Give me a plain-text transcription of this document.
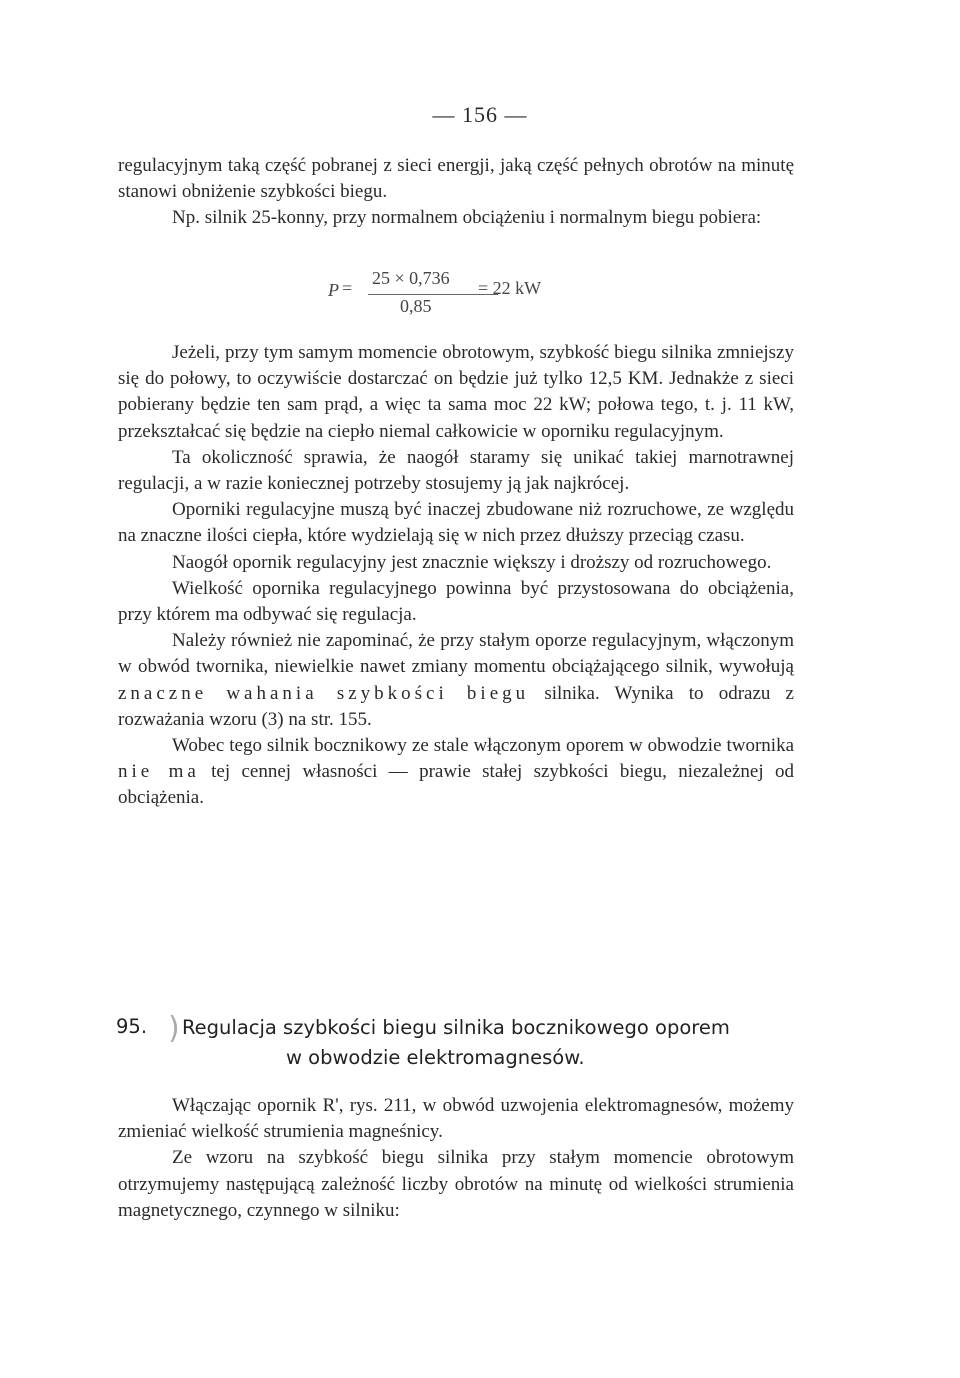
— 156 —

regulacyjnym taką część pobranej z sieci energji, jaką część pełnych obrotów na minutę stanowi obniżenie szybkości biegu.

Np. silnik 25-konny, przy normalnem obciążeniu i normalnym biegu pobiera:

P = 25 × 0,736
0,85
= 22 kW

Jeżeli, przy tym samym momencie obrotowym, szybkość biegu silnika zmniejszy się do połowy, to oczywiście dostarczać on będzie już tylko 12,5 KM. Jednakże z sieci pobierany będzie ten sam prąd, a więc ta sama moc 22 kW; połowa tego, t. j. 11 kW, przekształcać się będzie na ciepło niemal całkowicie w oporniku regulacyjnym.

Ta okoliczność sprawia, że naogół staramy się unikać takiej marnotrawnej regulacji, a w razie koniecznej potrzeby stosujemy ją jak najkrócej.

Oporniki regulacyjne muszą być inaczej zbudowane niż rozruchowe, ze względu na znaczne ilości ciepła, które wydzielają się w nich przez dłuższy przeciąg czasu.

Naogół opornik regulacyjny jest znacznie większy i droższy od rozruchowego.

Wielkość opornika regulacyjnego powinna być przystosowana do obciążenia, przy którem ma odbywać się regulacja.

Należy również nie zapominać, że przy stałym oporze regulacyjnym, włączonym w obwód twornika, niewielkie nawet zmiany momentu obciążającego silnik, wywołują znaczne wahania szybkości biegu silnika. Wynika to odrazu z rozważania wzoru (3) na str. 155.

Wobec tego silnik bocznikowy ze stale włączonym oporem w obwodzie twornika nie ma tej cennej własności — prawie stałej szybkości biegu, niezależnej od obciążenia.

95. ) Regulacja szybkości biegu silnika bocznikowego oporem
w obwodzie elektromagnesów.

Włączając opornik R', rys. 211, w obwód uzwojenia elektromagnesów, możemy zmieniać wielkość strumienia magneśnicy.

Ze wzoru na szybkość biegu silnika przy stałym momencie obrotowym otrzymujemy następującą zależność liczby obrotów na minutę od wielkości strumienia magnetycznego, czynnego w silniku:
